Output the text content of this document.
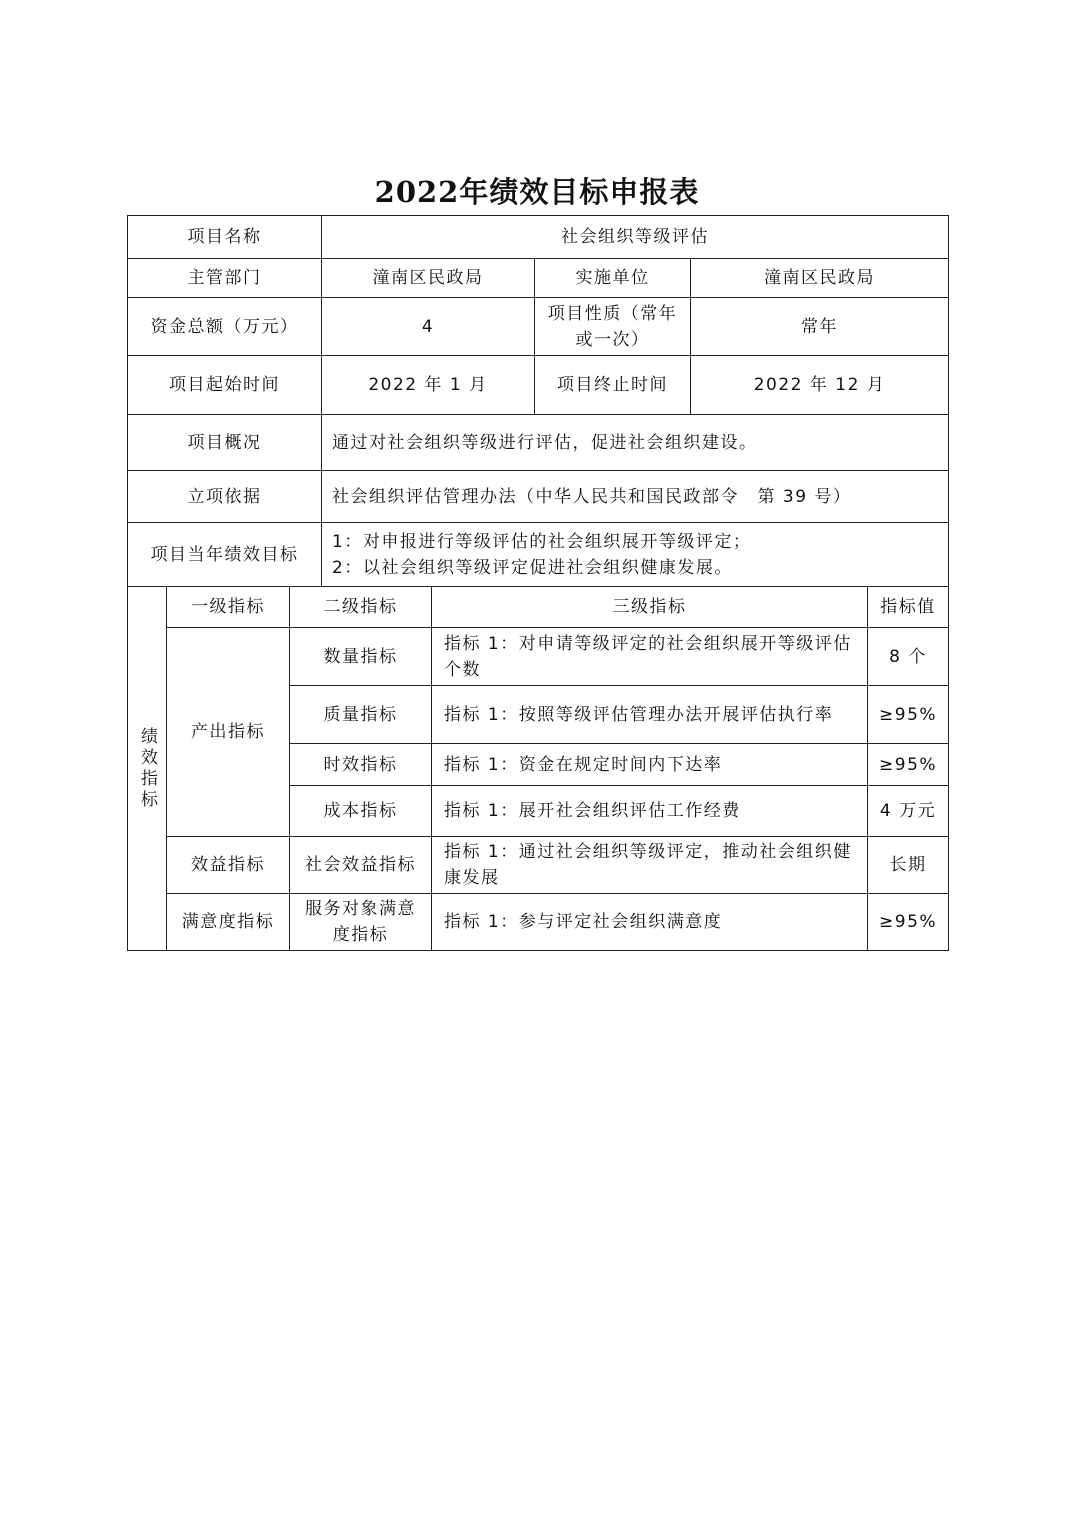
2022年绩效目标申报表
项目名称			社会组织等级评估				
主管部门			潼南区民政局		实施单位	潼南区民政局	
资金总额（万元）			4		项目性质（常年或一次）	常年	
项目起始时间			2022 年 1 月		项目终止时间	2022 年 12 月	
项目概况			通过对社会组织等级进行评估，促进社会组织建设。				
立项依据			社会组织评估管理办法（中华人民共和国民政部令　第 39 号）				
项目当年绩效目标			1：对申报进行等级评估的社会组织展开等级评定；
2：以社会组织等级评定促进社会组织健康发展。				

绩效指标	一级指标	二级指标		三级指标			指标值
	产出指标	数量指标		指标 1：对申请等级评定的社会组织展开等级评估个数			8 个
		质量指标		指标 1：按照等级评估管理办法开展评估执行率			≥95%
		时效指标		指标 1：资金在规定时间内下达率			≥95%
		成本指标		指标 1：展开社会组织评估工作经费			4 万元
	效益指标	社会效益指标		指标 1：通过社会组织等级评定，推动社会组织健康发展			长期
	满意度指标	服务对象满意度指标		指标 1：参与评定社会组织满意度			≥95%
